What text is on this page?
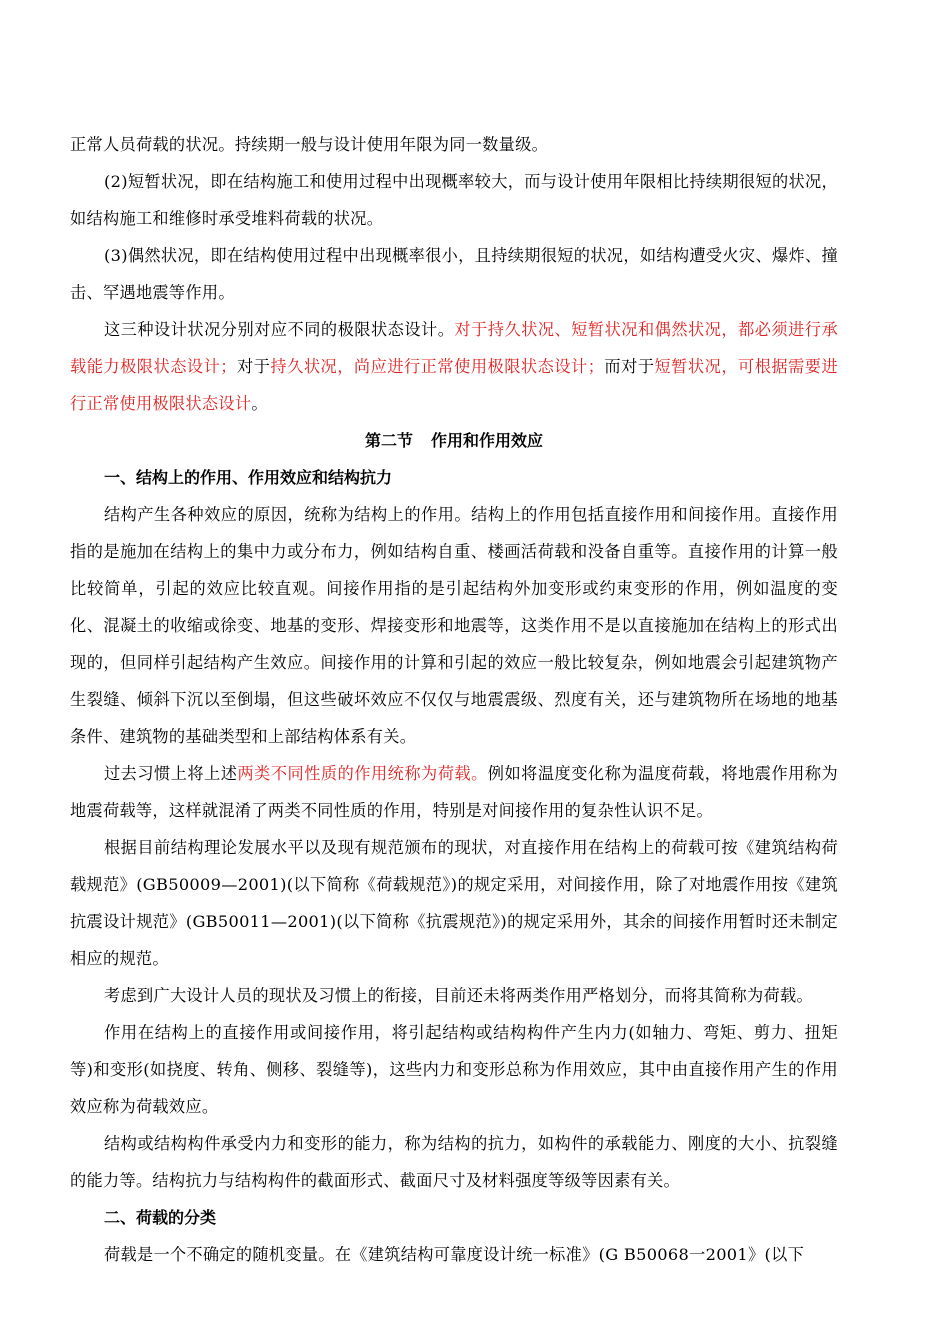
正常人员荷载的状况。持续期一般与设计使用年限为同一数量级。

(2)短暂状况，即在结构施工和使用过程中出现概率较大，而与设计使用年限相比持续期很短的状况，如结构施工和维修时承受堆料荷载的状况。

(3)偶然状况，即在结构使用过程中出现概率很小，且持续期很短的状况，如结构遭受火灾、爆炸、撞击、罕遇地震等作用。

这三种设计状况分别对应不同的极限状态设计。对于持久状况、短暂状况和偶然状况，都必须进行承载能力极限状态设计；对于持久状况，尚应进行正常使用极限状态设计；而对于短暂状况，可根据需要进行正常使用极限状态设计。

第二节 作用和作用效应

一、结构上的作用、作用效应和结构抗力

结构产生各种效应的原因，统称为结构上的作用。结构上的作用包括直接作用和间接作用。直接作用指的是施加在结构上的集中力或分布力，例如结构自重、楼画活荷载和没备自重等。直接作用的计算一般比较简单，引起的效应比较直观。间接作用指的是引起结构外加变形或约束变形的作用，例如温度的变化、混凝土的收缩或徐变、地基的变形、焊接变形和地震等，这类作用不是以直接施加在结构上的形式出现的，但同样引起结构产生效应。间接作用的计算和引起的效应一般比较复杂，例如地震会引起建筑物产生裂缝、倾斜下沉以至倒塌，但这些破坏效应不仅仅与地震震级、烈度有关，还与建筑物所在场地的地基条件、建筑物的基础类型和上部结构体系有关。

过去习惯上将上述两类不同性质的作用统称为荷载。例如将温度变化称为温度荷载，将地震作用称为地震荷载等，这样就混淆了两类不同性质的作用，特别是对间接作用的复杂性认识不足。

根据目前结构理论发展水平以及现有规范颁布的现状，对直接作用在结构上的荷载可按《建筑结构荷载规范》(GB50009—2001)(以下简称《荷载规范》)的规定采用，对间接作用，除了对地震作用按《建筑抗震设计规范》(GB50011—2001)(以下简称《抗震规范》)的规定采用外，其余的间接作用暂时还未制定相应的规范。

考虑到广大设计人员的现状及习惯上的衔接，目前还未将两类作用严格划分，而将其简称为荷载。

作用在结构上的直接作用或间接作用，将引起结构或结构构件产生内力(如轴力、弯矩、剪力、扭矩等)和变形(如挠度、转角、侧移、裂缝等)，这些内力和变形总称为作用效应，其中由直接作用产生的作用效应称为荷载效应。

结构或结构构件承受内力和变形的能力，称为结构的抗力，如构件的承载能力、刚度的大小、抗裂缝的能力等。结构抗力与结构构件的截面形式、截面尺寸及材料强度等级等因素有关。

二、荷载的分类

荷载是一个不确定的随机变量。在《建筑结构可靠度设计统一标准》(G B50068一2001》(以下
